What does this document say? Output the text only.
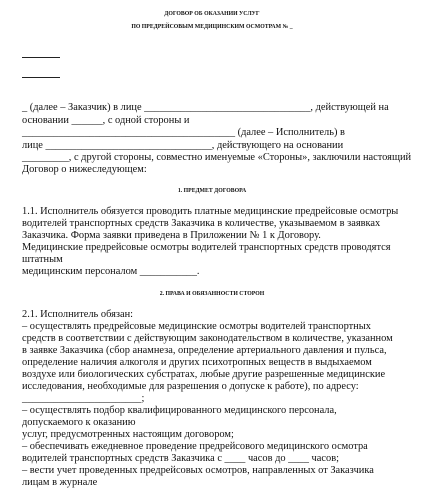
ДОГОВОР ОБ ОКАЗАНИИ УСЛУГ
ПО ПРЕДРЕЙСОВЫМ МЕДИЦИНСКИМ ОСМОТРАМ № _
_ (далее – Заказчик) в лице ________________________________, действующей на
основании ______, с одной стороны и
_________________________________________ (далее – Исполнитель) в
лице ________________________________, действующего на основании
_________, с другой стороны, совместно именуемые «Стороны», заключили настоящий
Договор о нижеследующем:
1. ПРЕДМЕТ ДОГОВОРА
1.1. Исполнитель обязуется проводить платные медицинские предрейсовые осмотры
водителей транспортных средств Заказчика в количестве, указываемом в заявках
Заказчика. Форма заявки приведена в Приложении № 1 к Договору.
Медицинские предрейсовые осмотры водителей транспортных средств проводятся
штатным
медицинским персоналом ___________.
2. ПРАВА И ОБЯЗАННОСТИ СТОРОН
2.1. Исполнитель обязан:
– осуществлять предрейсовые медицинские осмотры водителей транспортных
средств в соответствии с действующим законодательством в количестве, указанном
в заявке Заказчика (сбор анамнеза, определение артериального давления и пульса,
определение наличия алкоголя и других психотропных веществ в выдыхаемом
воздухе или биологических субстратах, любые другие разрешенные медицинские
исследования, необходимые для разрешения о допуске к работе), по адресу:
_______________________;
– осуществлять подбор квалифицированного медицинского персонала,
допускаемого к оказанию
услуг, предусмотренных настоящим договором;
– обеспечивать ежедневное проведение предрейсового медицинского осмотра
водителей транспортных средств Заказчика с ____ часов до ____ часов;
– вести учет проведенных предрейсовых осмотров, направленных от Заказчика
лицам в журнале
